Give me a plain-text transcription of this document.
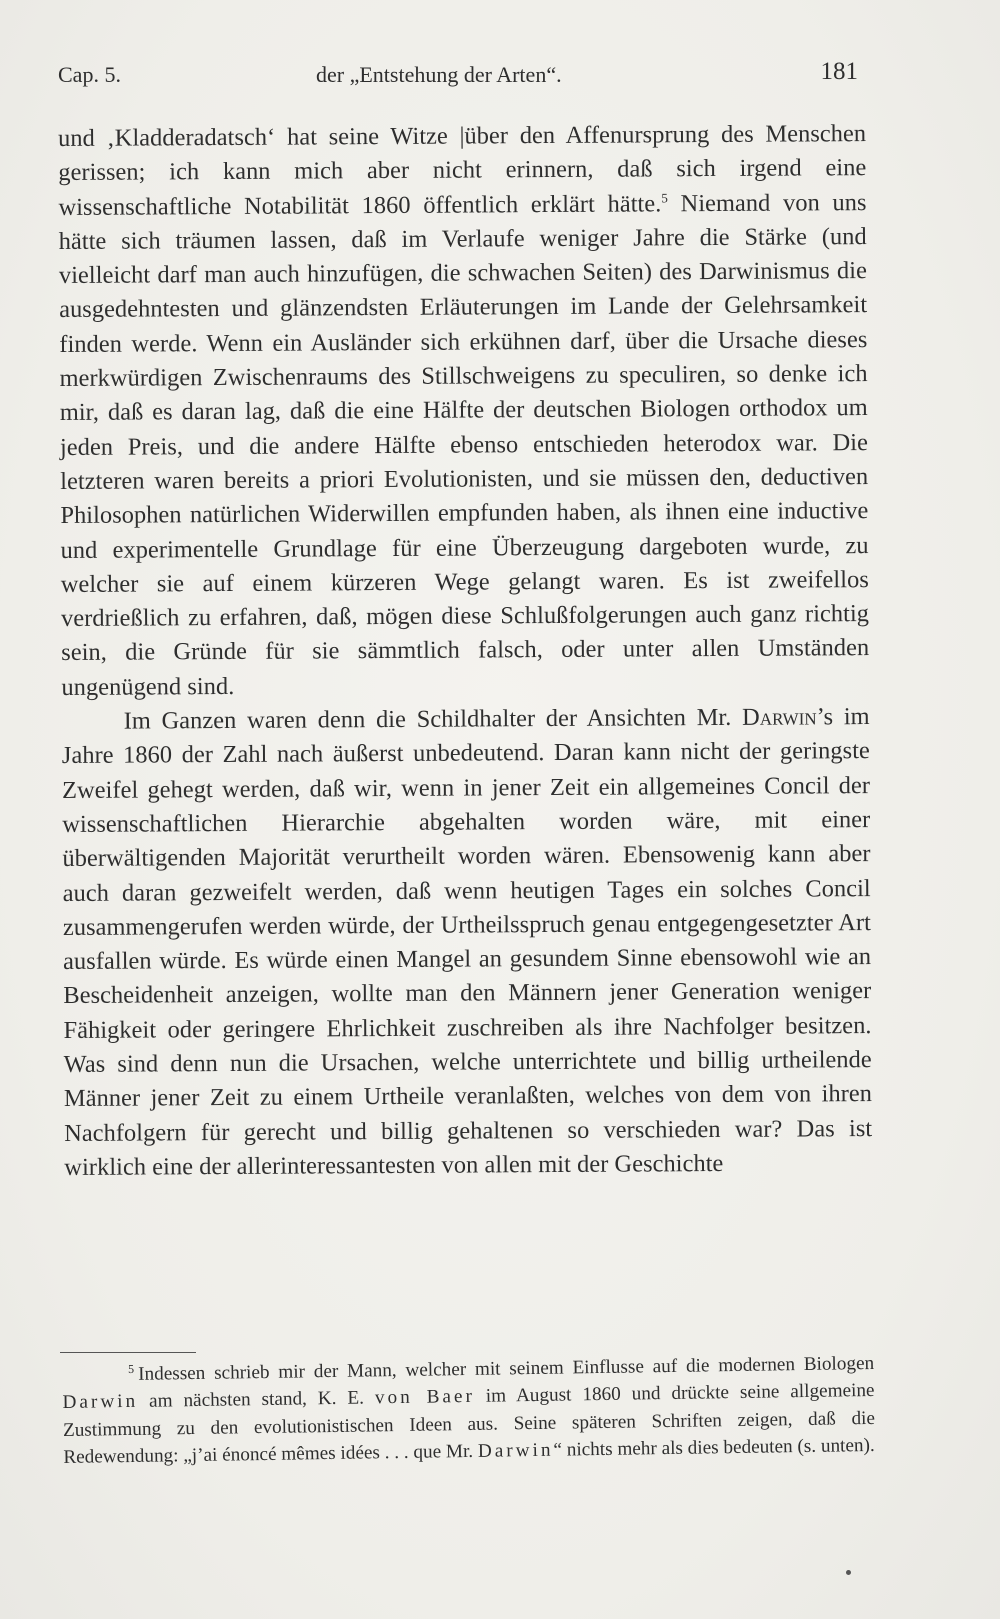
Cap. 5.	der „Entstehung der Arten“.	181

und ‚Kladderadatsch‘ hat seine Witze |über den Affenursprung des Menschen gerissen; ich kann mich aber nicht erinnern, daß sich irgend eine wissenschaftliche Notabilität 1860 öffentlich erklärt hätte.$^5$ Niemand von uns hätte sich träumen lassen, daß im Verlaufe weniger Jahre die Stärke (und vielleicht darf man auch hinzufügen, die schwachen Seiten) des Darwinismus die ausgedehntesten und glänzendsten Erläuterungen im Lande der Gelehrsamkeit finden werde. Wenn ein Ausländer sich erkühnen darf, über die Ursache dieses merkwürdigen Zwischenraums des Stillschweigens zu speculiren, so denke ich mir, daß es daran lag, daß die eine Hälfte der deutschen Biologen orthodox um jeden Preis, und die andere Hälfte ebenso entschieden heterodox war. Die letzteren waren bereits a priori Evolutionisten, und sie müssen den, deductiven Philosophen natürlichen Widerwillen empfunden haben, als ihnen eine inductive und experimentelle Grundlage für eine Überzeugung dargeboten wurde, zu welcher sie auf einem kürzeren Wege gelangt waren. Es ist zweifellos verdrießlich zu erfahren, daß, mögen diese Schlußfolgerungen auch ganz richtig sein, die Gründe für sie sämmtlich falsch, oder unter allen Umständen ungenügend sind.

Im Ganzen waren denn die Schildhalter der Ansichten Mr. Darwin’s im Jahre 1860 der Zahl nach äußerst unbedeutend. Daran kann nicht der geringste Zweifel gehegt werden, daß wir, wenn in jener Zeit ein allgemeines Concil der wissenschaftlichen Hierarchie abgehalten worden wäre, mit einer überwältigenden Majorität verurtheilt worden wären. Ebensowenig kann aber auch daran gezweifelt werden, daß wenn heutigen Tages ein solches Concil zusammengerufen werden würde, der Urtheilsspruch genau entgegengesetzter Art ausfallen würde. Es würde einen Mangel an gesundem Sinne ebensowohl wie an Bescheidenheit anzeigen, wollte man den Männern jener Generation weniger Fähigkeit oder geringere Ehrlichkeit zuschreiben als ihre Nachfolger besitzen. Was sind denn nun die Ursachen, welche unterrichtete und billig urtheilende Männer jener Zeit zu einem Urtheile veranlaßten, welches von dem von ihren Nachfolgern für gerecht und billig gehaltenen so verschieden war? Das ist wirklich eine der allerinteressantesten von allen mit der Geschichte

$^5$ Indessen schrieb mir der Mann, welcher mit seinem Einflusse auf die modernen Biologen Darwin am nächsten stand, K. E. von Baer im August 1860 und drückte seine allgemeine Zustimmung zu den evolutionistischen Ideen aus. Seine späteren Schriften zeigen, daß die Redewendung: „j’ai énoncé mêmes idées . . . que Mr. Darwin“ nichts mehr als dies bedeuten (s. unten).
